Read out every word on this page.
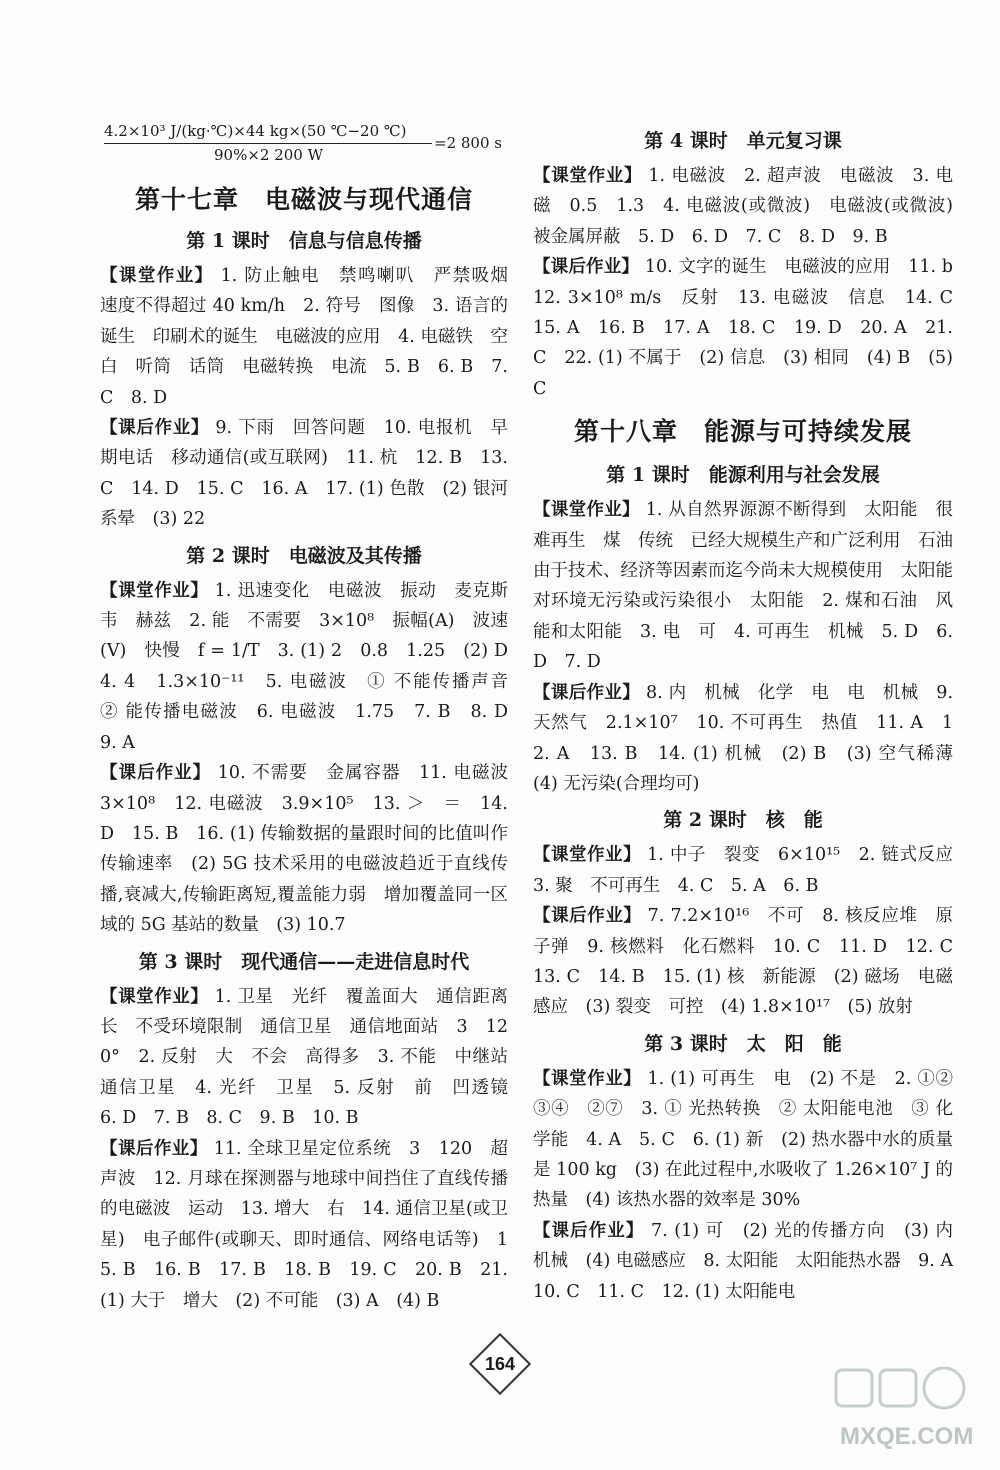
4.2×10³ J/(kg·℃)×44 kg×(50 ℃−20 ℃)
90%×2 200 W
=2 800 s
第十七章　电磁波与现代通信
第 1 课时　信息与信息传播

【课堂作业】 1. 防止触电　禁鸣喇叭　严禁吸烟　速度不得超过 40 km/h　2. 符号　图像　3. 语言的诞生　印刷术的诞生　电磁波的应用　4. 电磁铁　空白　听筒　话筒　电磁转换　电流　5. B　6. B　7. C　8. D

【课后作业】 9. 下雨　回答问题　10. 电报机　早期电话　移动通信(或互联网)　11. 杭　12. B　13. C　14. D　15. C　16. A　17. (1) 色散　(2) 银河系晕　(3) 22

第 2 课时　电磁波及其传播

【课堂作业】 1. 迅速变化　电磁波　振动　麦克斯韦　赫兹　2. 能　不需要　3×10⁸　振幅(A)　波速(V)　快慢　f = 1/T　3. (1) 2　0.8　1.25　(2) D　4. 4　1.3×10⁻¹¹　5. 电磁波　① 不能传播声音　② 能传播电磁波　6. 电磁波　1.75　7. B　8. D　9. A

【课后作业】 10. 不需要　金属容器　11. 电磁波　3×10⁸　12. 电磁波　3.9×10⁵　13. ＞　＝　14. D　15. B　16. (1) 传输数据的量跟时间的比值叫作传输速率　(2) 5G 技术采用的电磁波趋近于直线传播,衰减大,传输距离短,覆盖能力弱　增加覆盖同一区域的 5G 基站的数量　(3) 10.7

第 3 课时　现代通信——走进信息时代

【课堂作业】 1. 卫星　光纤　覆盖面大　通信距离长　不受环境限制　通信卫星　通信地面站　3　120°　2. 反射　大　不会　高得多　3. 不能　中继站　通信卫星　4. 光纤　卫星　5. 反射　前　凹透镜　6. D　7. B　8. C　9. B　10. B

【课后作业】 11. 全球卫星定位系统　3　120　超声波　12. 月球在探测器与地球中间挡住了直线传播的电磁波　运动　13. 增大　右　14. 通信卫星(或卫星)　电子邮件(或聊天、即时通信、网络电话等)　15. B　16. B　17. B　18. B　19. C　20. B　21. (1) 大于　增大　(2) 不可能　(3) A　(4) B

第 4 课时　单元复习课

【课堂作业】 1. 电磁波　2. 超声波　电磁波　3. 电磁　0.5　1.3　4. 电磁波(或微波)　电磁波(或微波)被金属屏蔽　5. D　6. D　7. C　8. D　9. B

【课后作业】 10. 文字的诞生　电磁波的应用　11. b　12. 3×10⁸ m/s　反射　13. 电磁波　信息　14. C　15. A　16. B　17. A　18. C　19. D　20. A　21. C　22. (1) 不属于　(2) 信息　(3) 相同　(4) B　(5) C

第十八章　能源与可持续发展
第 1 课时　能源利用与社会发展

【课堂作业】 1. 从自然界源源不断得到　太阳能　很难再生　煤　传统　已经大规模生产和广泛利用　石油　由于技术、经济等因素而迄今尚未大规模使用　太阳能　对环境无污染或污染很小　太阳能　2. 煤和石油　风能和太阳能　3. 电　可　4. 可再生　机械　5. D　6. D　7. D

【课后作业】 8. 内　机械　化学　电　电　机械　9. 天然气　2.1×10⁷　10. 不可再生　热值　11. A　12. A　13. B　14. (1) 机械　(2) B　(3) 空气稀薄　(4) 无污染(合理均可)

第 2 课时　核　能

【课堂作业】 1. 中子　裂变　6×10¹⁵　2. 链式反应　3. 聚　不可再生　4. C　5. A　6. B

【课后作业】 7. 7.2×10¹⁶　不可　8. 核反应堆　原子弹　9. 核燃料　化石燃料　10. C　11. D　12. C　13. C　14. B　15. (1) 核　新能源　(2) 磁场　电磁感应　(3) 裂变　可控　(4) 1.8×10¹⁷　(5) 放射

第 3 课时　太　阳　能

【课堂作业】 1. (1) 可再生　电　(2) 不是　2. ①②③④　②⑦　3. ① 光热转换　② 太阳能电池　③ 化学能　4. A　5. C　6. (1) 新　(2) 热水器中水的质量是 100 kg　(3) 在此过程中,水吸收了 1.26×10⁷ J 的热量　(4) 该热水器的效率是 30%

【课后作业】 7. (1) 可　(2) 光的传播方向　(3) 内　机械　(4) 电磁感应　8. 太阳能　太阳能热水器　9. A　10. C　11. C　12. (1) 太阳能电

164
MXQE.COM
